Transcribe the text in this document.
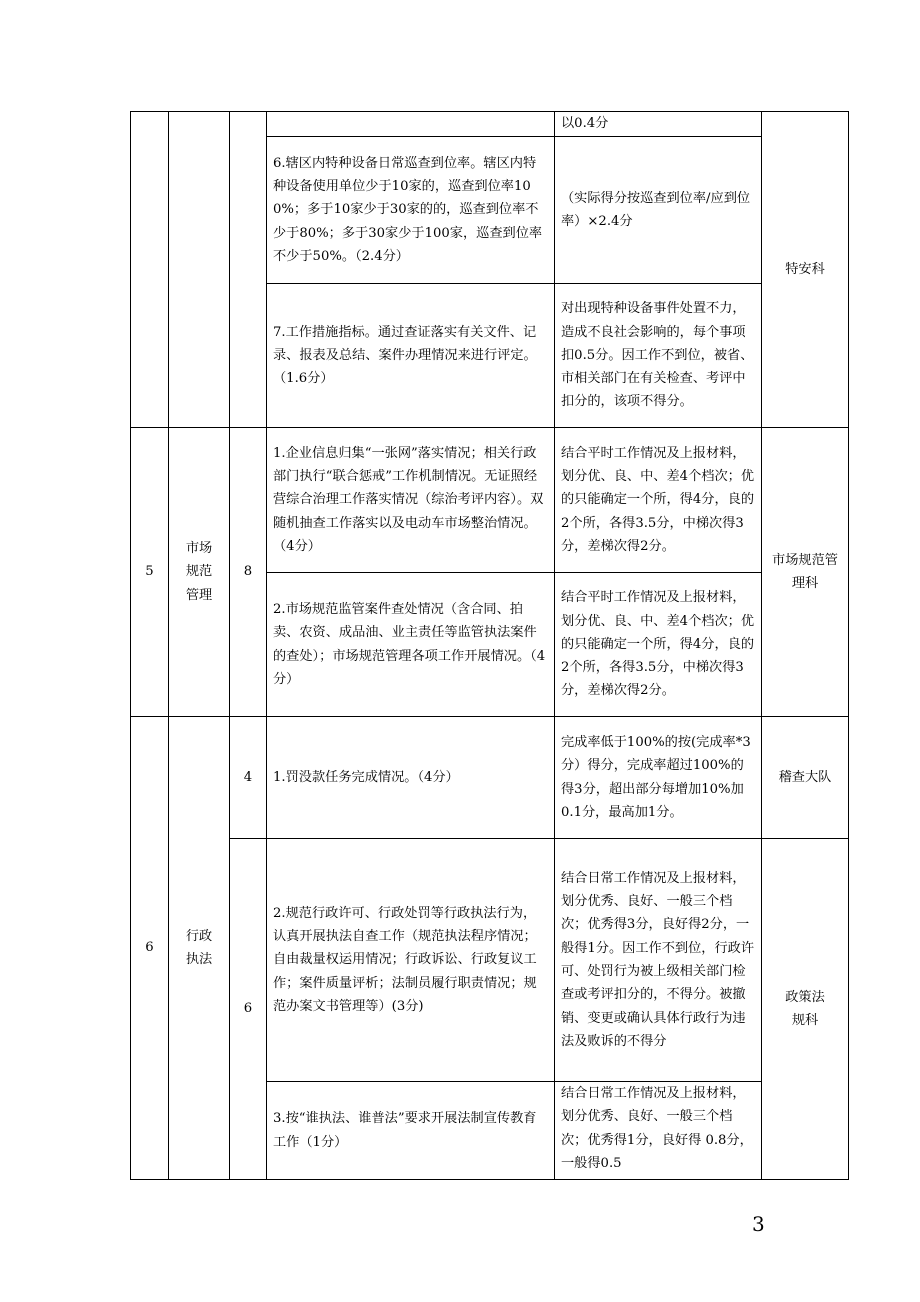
				以0.4分	特安科
			6.辖区内特种设备日常巡查到位率。辖区内特种设备使用单位少于10家的，巡查到位率100%；多于10家少于30家的的，巡查到位率不少于80%；多于30家少于100家，巡查到位率不少于50%。（2.4分）	（实际得分按巡查到位率/应到位率）×2.4分	
			7.工作措施指标。通过查证落实有关文件、记录、报表及总结、案件办理情况来进行评定。（1.6分）	对出现特种设备事件处置不力，造成不良社会影响的，每个事项扣0.5分。因工作不到位，被省、市相关部门在有关检查、考评中扣分的，该项不得分。	
5	市场规范管理	8	1.企业信息归集“一张网”落实情况；相关行政部门执行“联合惩戒”工作机制情况。无证照经营综合治理工作落实情况（综治考评内容）。双随机抽查工作落实以及电动车市场整治情况。（4分）	结合平时工作情况及上报材料，划分优、良、中、差4个档次；优的只能确定一个所，得4分，良的2个所，各得3.5分，中梯次得3分，差梯次得2分。	市场规范管理科
			2.市场规范监管案件查处情况（含合同、拍卖、农资、成品油、业主责任等监管执法案件的查处）；市场规范管理各项工作开展情况。（4分）	结合平时工作情况及上报材料，划分优、良、中、差4个档次；优的只能确定一个所，得4分，良的2个所，各得3.5分，中梯次得3分，差梯次得2分。	
6	行政执法	4	1.罚没款任务完成情况。（4分）	完成率低于100%的按(完成率*3分）得分，完成率超过100%的得3分，超出部分每增加10%加0.1分，最高加1分。	稽查大队
		6	2.规范行政许可、行政处罚等行政执法行为，认真开展执法自查工作（规范执法程序情况；自由裁量权运用情况；行政诉讼、行政复议工作；案件质量评析；法制员履行职责情况；规范办案文书管理等）(3分)	结合日常工作情况及上报材料，划分优秀、良好、一般三个档次；优秀得3分，良好得2分，一般得1分。因工作不到位，行政许可、处罚行为被上级相关部门检查或考评扣分的，不得分。被撤销、变更或确认具体行政行为违法及败诉的不得分	政策法规科
			3.按“谁执法、谁普法”要求开展法制宣传教育工作（1分）	结合日常工作情况及上报材料，划分优秀、良好、一般三个档次；优秀得1分，良好得 0.8分，一般得0.5	
3
